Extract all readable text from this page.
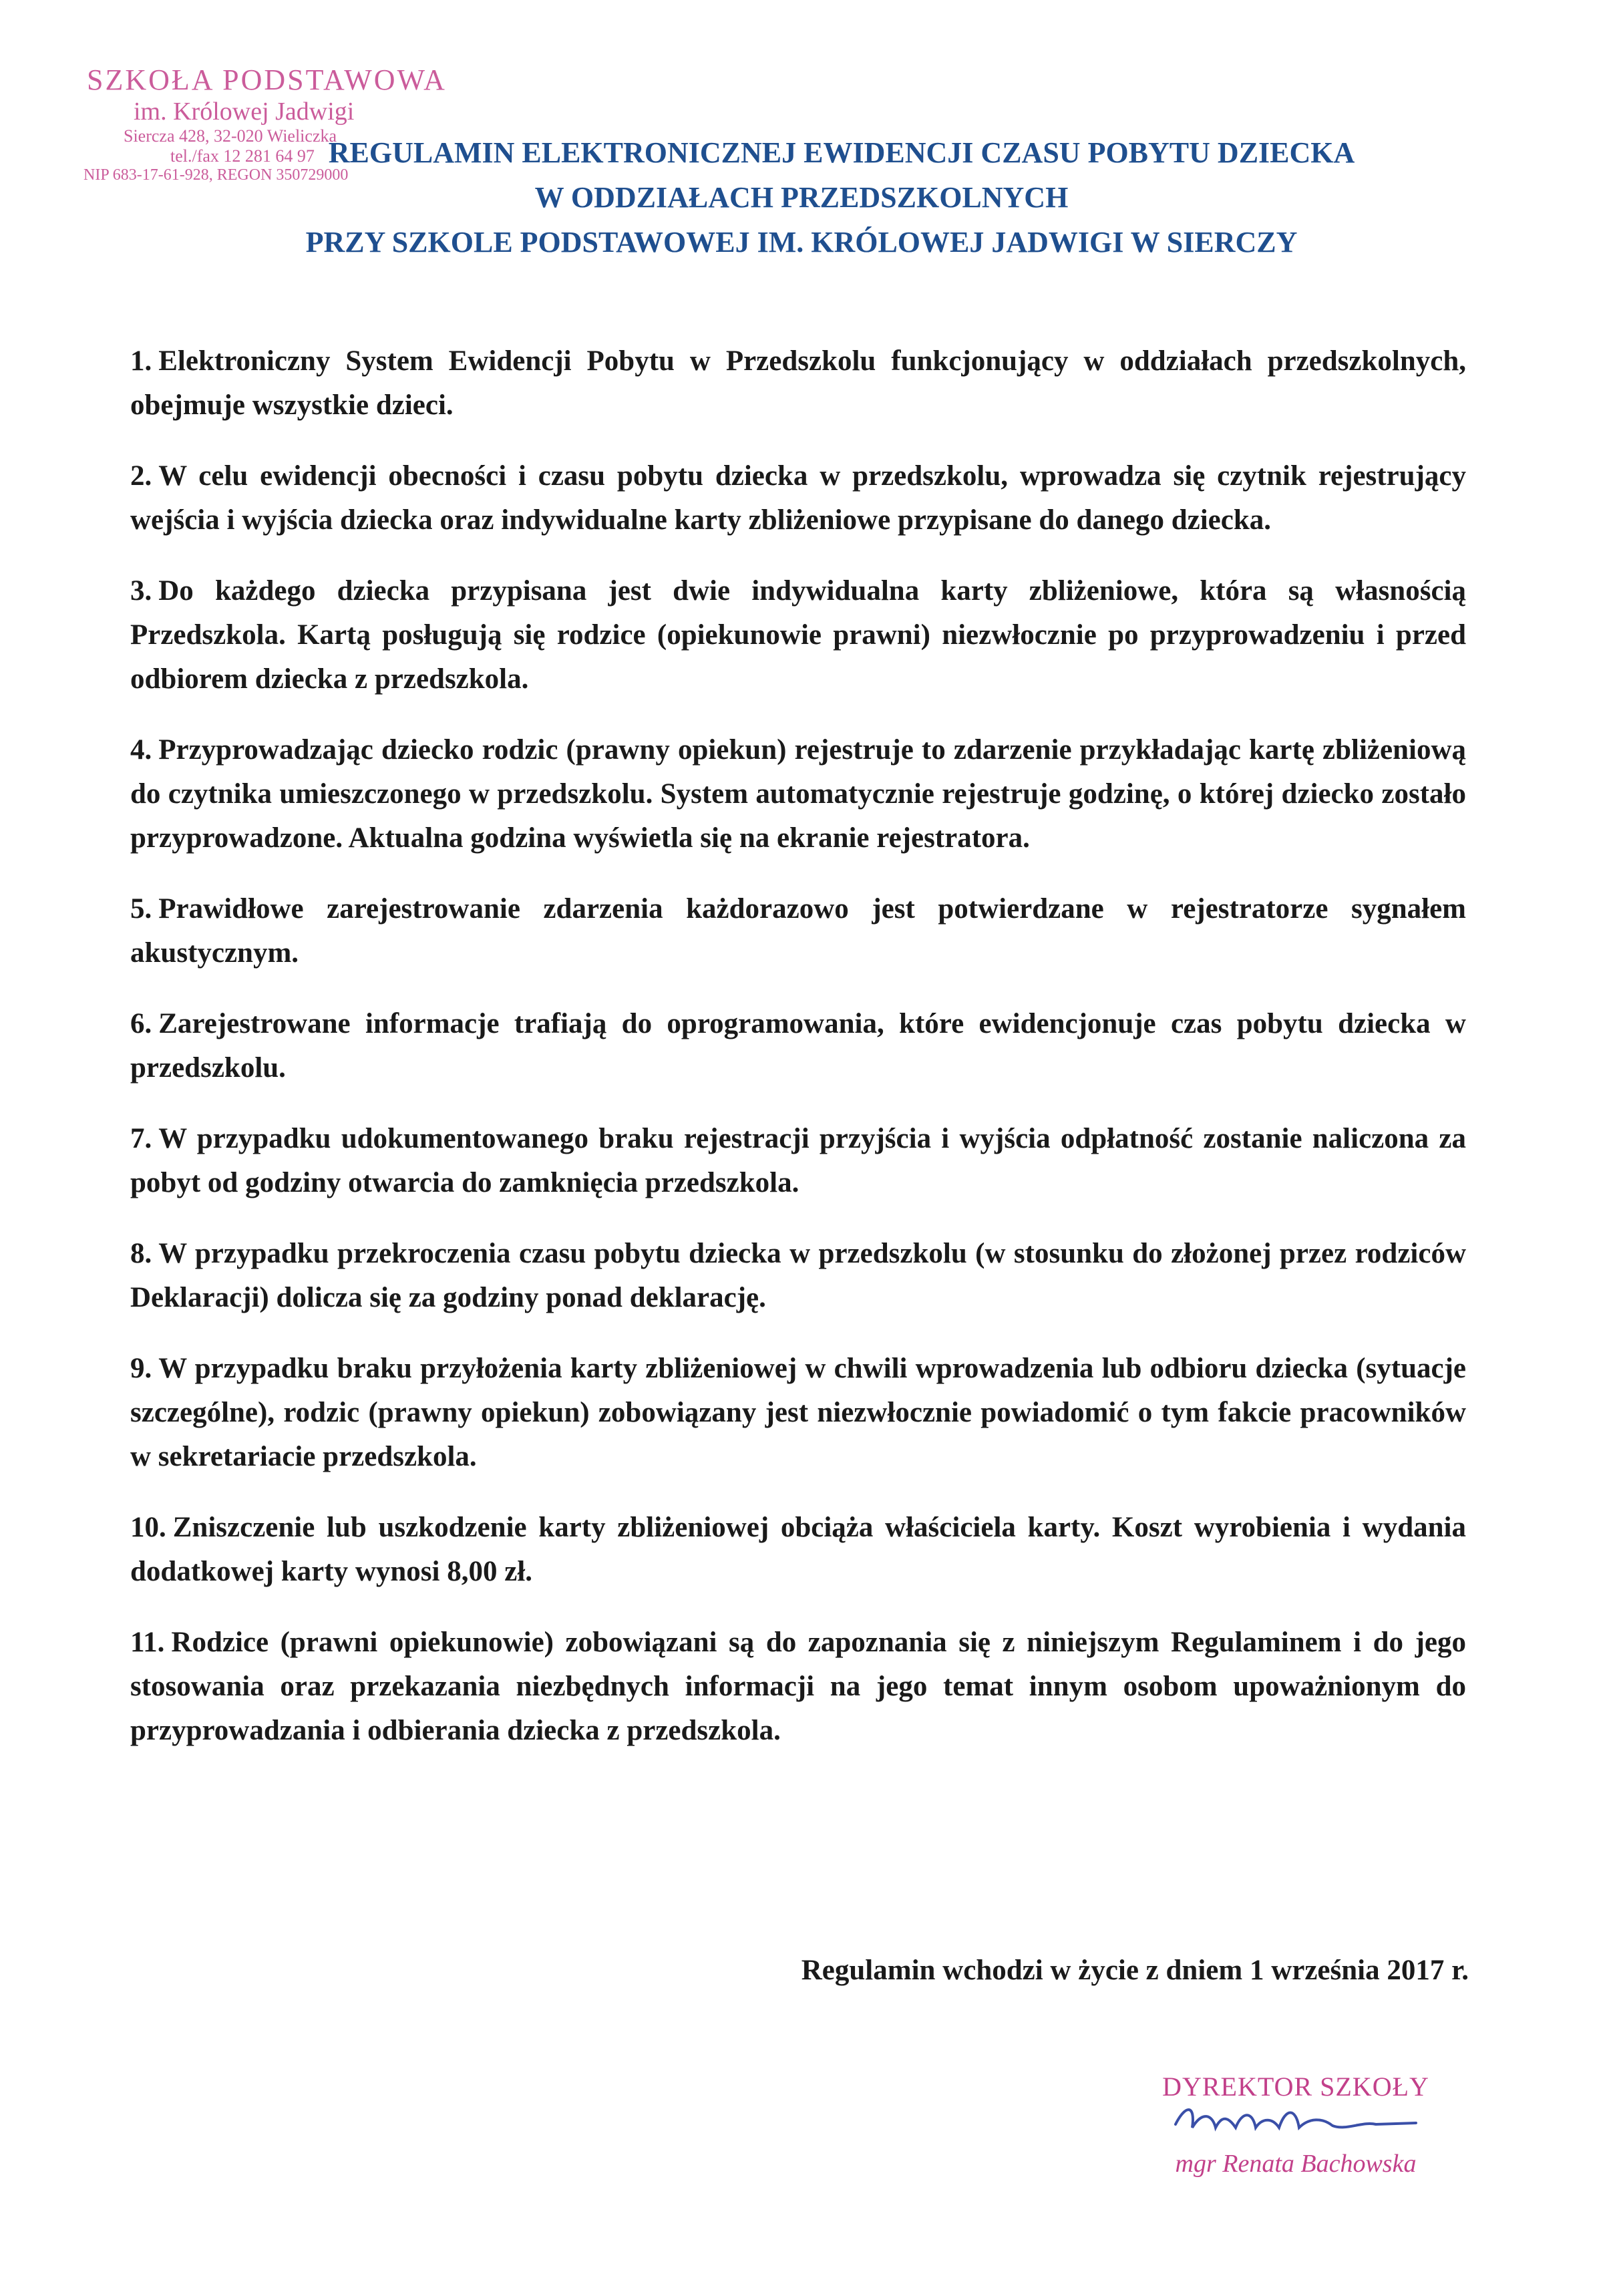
SZKOŁA PODSTAWOWA
im. Królowej Jadwigi
Siercza 428, 32-020 Wieliczka
tel./fax 12 281 64 97
NIP 683-17-61-928, REGON 350729000
REGULAMIN ELEKTRONICZNEJ EWIDENCJI CZASU POBYTU DZIECKA
W ODDZIAŁACH PRZEDSZKOLNYCH
PRZY SZKOLE PODSTAWOWEJ IM. KRÓLOWEJ JADWIGI W SIERCZY

1. Elektroniczny System Ewidencji Pobytu w Przedszkolu funkcjonujący w oddziałach przedszkolnych, obejmuje wszystkie dzieci.

2. W celu ewidencji obecności i czasu pobytu dziecka w przedszkolu, wprowadza się czytnik rejestrujący wejścia i wyjścia dziecka oraz indywidualne karty zbliżeniowe przypisane do danego dziecka.

3. Do każdego dziecka przypisana jest dwie indywidualna karty zbliżeniowe, która są własnością Przedszkola. Kartą posługują się rodzice (opiekunowie prawni) niezwłocznie po przyprowadzeniu i przed odbiorem dziecka z przedszkola.

4. Przyprowadzając dziecko rodzic (prawny opiekun) rejestruje to zdarzenie przykładając kartę zbliżeniową do czytnika umieszczonego w przedszkolu. System automatycznie rejestruje godzinę, o której dziecko zostało przyprowadzone. Aktualna godzina wyświetla się na ekranie rejestratora.

5. Prawidłowe zarejestrowanie zdarzenia każdorazowo jest potwierdzane w rejestratorze sygnałem akustycznym.

6. Zarejestrowane informacje trafiają do oprogramowania, które ewidencjonuje czas pobytu dziecka w przedszkolu.

7. W przypadku udokumentowanego braku rejestracji przyjścia i wyjścia odpłatność zostanie naliczona za pobyt od godziny otwarcia do zamknięcia przedszkola.

8. W przypadku przekroczenia czasu pobytu dziecka w przedszkolu (w stosunku do złożonej przez rodziców Deklaracji) dolicza się za godziny ponad deklarację.

9. W przypadku braku przyłożenia karty zbliżeniowej w chwili wprowadzenia lub odbioru dziecka (sytuacje szczególne), rodzic (prawny opiekun) zobowiązany jest niezwłocznie powiadomić o tym fakcie pracowników w sekretariacie przedszkola.

10. Zniszczenie lub uszkodzenie karty zbliżeniowej obciąża właściciela karty. Koszt wyrobienia i wydania dodatkowej karty wynosi 8,00 zł.

11. Rodzice (prawni opiekunowie) zobowiązani są do zapoznania się z niniejszym Regulaminem i do jego stosowania oraz przekazania niezbędnych informacji na jego temat innym osobom upoważnionym do przyprowadzania i odbierania dziecka z przedszkola.

Regulamin wchodzi w życie z dniem 1 września 2017 r.
DYREKTOR SZKOŁY
mgr Renata Bachowska
